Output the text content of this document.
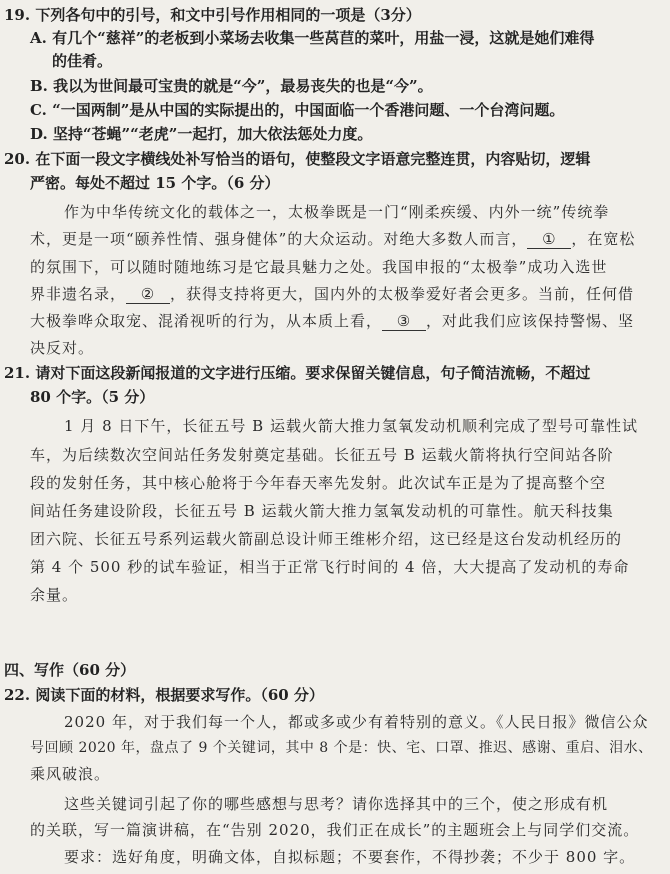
19. 下列各句中的引号，和文中引号作用相同的一项是（3分）
A. 有几个“慈祥”的老板到小菜场去收集一些莴苣的菜叶，用盐一浸，这就是她们难得
的佳肴。
B. 我以为世间最可宝贵的就是“今”，最易丧失的也是“今”。
C. “一国两制”是从中国的实际提出的，中国面临一个香港问题、一个台湾问题。
D. 坚持“苍蝇”“老虎”一起打，加大依法惩处力度。
20. 在下面一段文字横线处补写恰当的语句，使整段文字语意完整连贯，内容贴切，逻辑
严密。每处不超过 15 个字。（6 分）
作为中华传统文化的载体之一，太极拳既是一门“刚柔疾缓、内外一统”传统拳
术，更是一项“颐养性情、强身健体”的大众运动。对绝大多数人而言， ① ，在宽松
的氛围下，可以随时随地练习是它最具魅力之处。我国申报的“太极拳”成功入选世
界非遗名录， ② ，获得支持将更大，国内外的太极拳爱好者会更多。当前，任何借
大极拳哗众取宠、混淆视听的行为，从本质上看， ③ ，对此我们应该保持警惕、坚
决反对。
21. 请对下面这段新闻报道的文字进行压缩。要求保留关键信息，句子简洁流畅，不超过
80 个字。（5 分）
1 月 8 日下午，长征五号 B 运载火箭大推力氢氧发动机顺利完成了型号可靠性试
车，为后续数次空间站任务发射奠定基础。长征五号 B 运载火箭将执行空间站各阶
段的发射任务，其中核心舱将于今年春天率先发射。此次试车正是为了提高整个空
间站任务建设阶段，长征五号 B 运载火箭大推力氢氧发动机的可靠性。航天科技集
团六院、长征五号系列运载火箭副总设计师王维彬介绍，这已经是这台发动机经历的
第 4 个 500 秒的试车验证，相当于正常飞行时间的 4 倍，大大提高了发动机的寿命
余量。
四、写作（60 分）
22. 阅读下面的材料，根据要求写作。（60 分）
2020 年，对于我们每一个人，都或多或少有着特别的意义。《人民日报》微信公众
号回顾 2020 年，盘点了 9 个关键词，其中 8 个是：快、宅、口罩、推迟、感谢、重启、泪水、
乘风破浪。
这些关键词引起了你的哪些感想与思考？请你选择其中的三个，使之形成有机
的关联，写一篇演讲稿，在“告别 2020，我们正在成长”的主题班会上与同学们交流。
要求：选好角度，明确文体，自拟标题；不要套作，不得抄袭；不少于 800 字。
